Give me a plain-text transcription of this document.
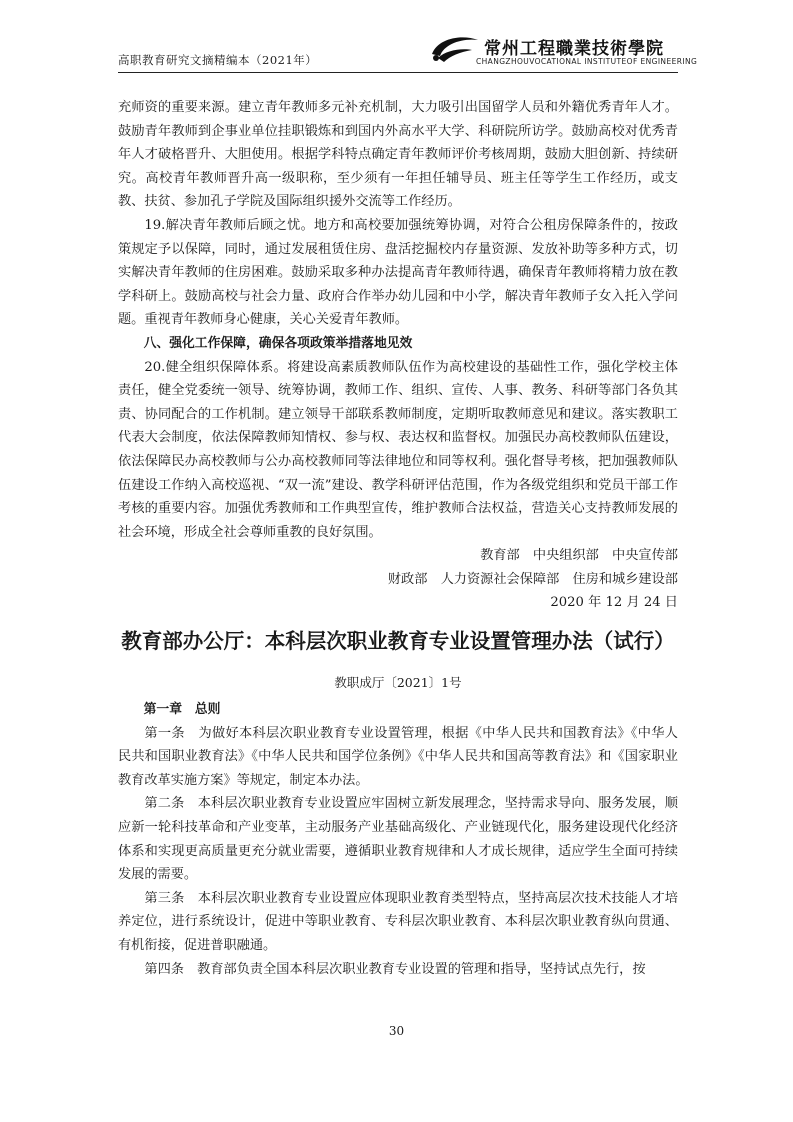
高职教育研究文摘精编本（2021年）
常州工程職業技術學院
CHANGZHOUVOCATIONAL INSTITUTEOF ENGINEERING

充师资的重要来源。建立青年教师多元补充机制，大力吸引出国留学人员和外籍优秀青年人才。鼓励青年教师到企事业单位挂职锻炼和到国内外高水平大学、科研院所访学。鼓励高校对优秀青年人才破格晋升、大胆使用。根据学科特点确定青年教师评价考核周期，鼓励大胆创新、持续研究。高校青年教师晋升高一级职称，至少须有一年担任辅导员、班主任等学生工作经历，或支教、扶贫、参加孔子学院及国际组织援外交流等工作经历。

19.解决青年教师后顾之忧。地方和高校要加强统筹协调，对符合公租房保障条件的，按政策规定予以保障，同时，通过发展租赁住房、盘活挖掘校内存量资源、发放补助等多种方式，切实解决青年教师的住房困难。鼓励采取多种办法提高青年教师待遇，确保青年教师将精力放在教学科研上。鼓励高校与社会力量、政府合作举办幼儿园和中小学，解决青年教师子女入托入学问题。重视青年教师身心健康，关心关爱青年教师。

八、强化工作保障，确保各项政策举措落地见效

20.健全组织保障体系。将建设高素质教师队伍作为高校建设的基础性工作，强化学校主体责任，健全党委统一领导、统筹协调，教师工作、组织、宣传、人事、教务、科研等部门各负其责、协同配合的工作机制。建立领导干部联系教师制度，定期听取教师意见和建议。落实教职工代表大会制度，依法保障教师知情权、参与权、表达权和监督权。加强民办高校教师队伍建设，依法保障民办高校教师与公办高校教师同等法律地位和同等权利。强化督导考核，把加强教师队伍建设工作纳入高校巡视、“双一流”建设、教学科研评估范围，作为各级党组织和党员干部工作考核的重要内容。加强优秀教师和工作典型宣传，维护教师合法权益，营造关心支持教师发展的社会环境，形成全社会尊师重教的良好氛围。

教育部　中央组织部　中央宣传部

财政部　人力资源社会保障部　住房和城乡建设部

2020 年 12 月 24 日

教育部办公厅：本科层次职业教育专业设置管理办法（试行）
教职成厅〔2021〕1号

第一章　总则

第一条　为做好本科层次职业教育专业设置管理，根据《中华人民共和国教育法》《中华人民共和国职业教育法》《中华人民共和国学位条例》《中华人民共和国高等教育法》和《国家职业教育改革实施方案》等规定，制定本办法。

第二条　本科层次职业教育专业设置应牢固树立新发展理念，坚持需求导向、服务发展，顺应新一轮科技革命和产业变革，主动服务产业基础高级化、产业链现代化，服务建设现代化经济体系和实现更高质量更充分就业需要，遵循职业教育规律和人才成长规律，适应学生全面可持续发展的需要。

第三条　本科层次职业教育专业设置应体现职业教育类型特点，坚持高层次技术技能人才培养定位，进行系统设计，促进中等职业教育、专科层次职业教育、本科层次职业教育纵向贯通、有机衔接，促进普职融通。

第四条　教育部负责全国本科层次职业教育专业设置的管理和指导，坚持试点先行，按

30
